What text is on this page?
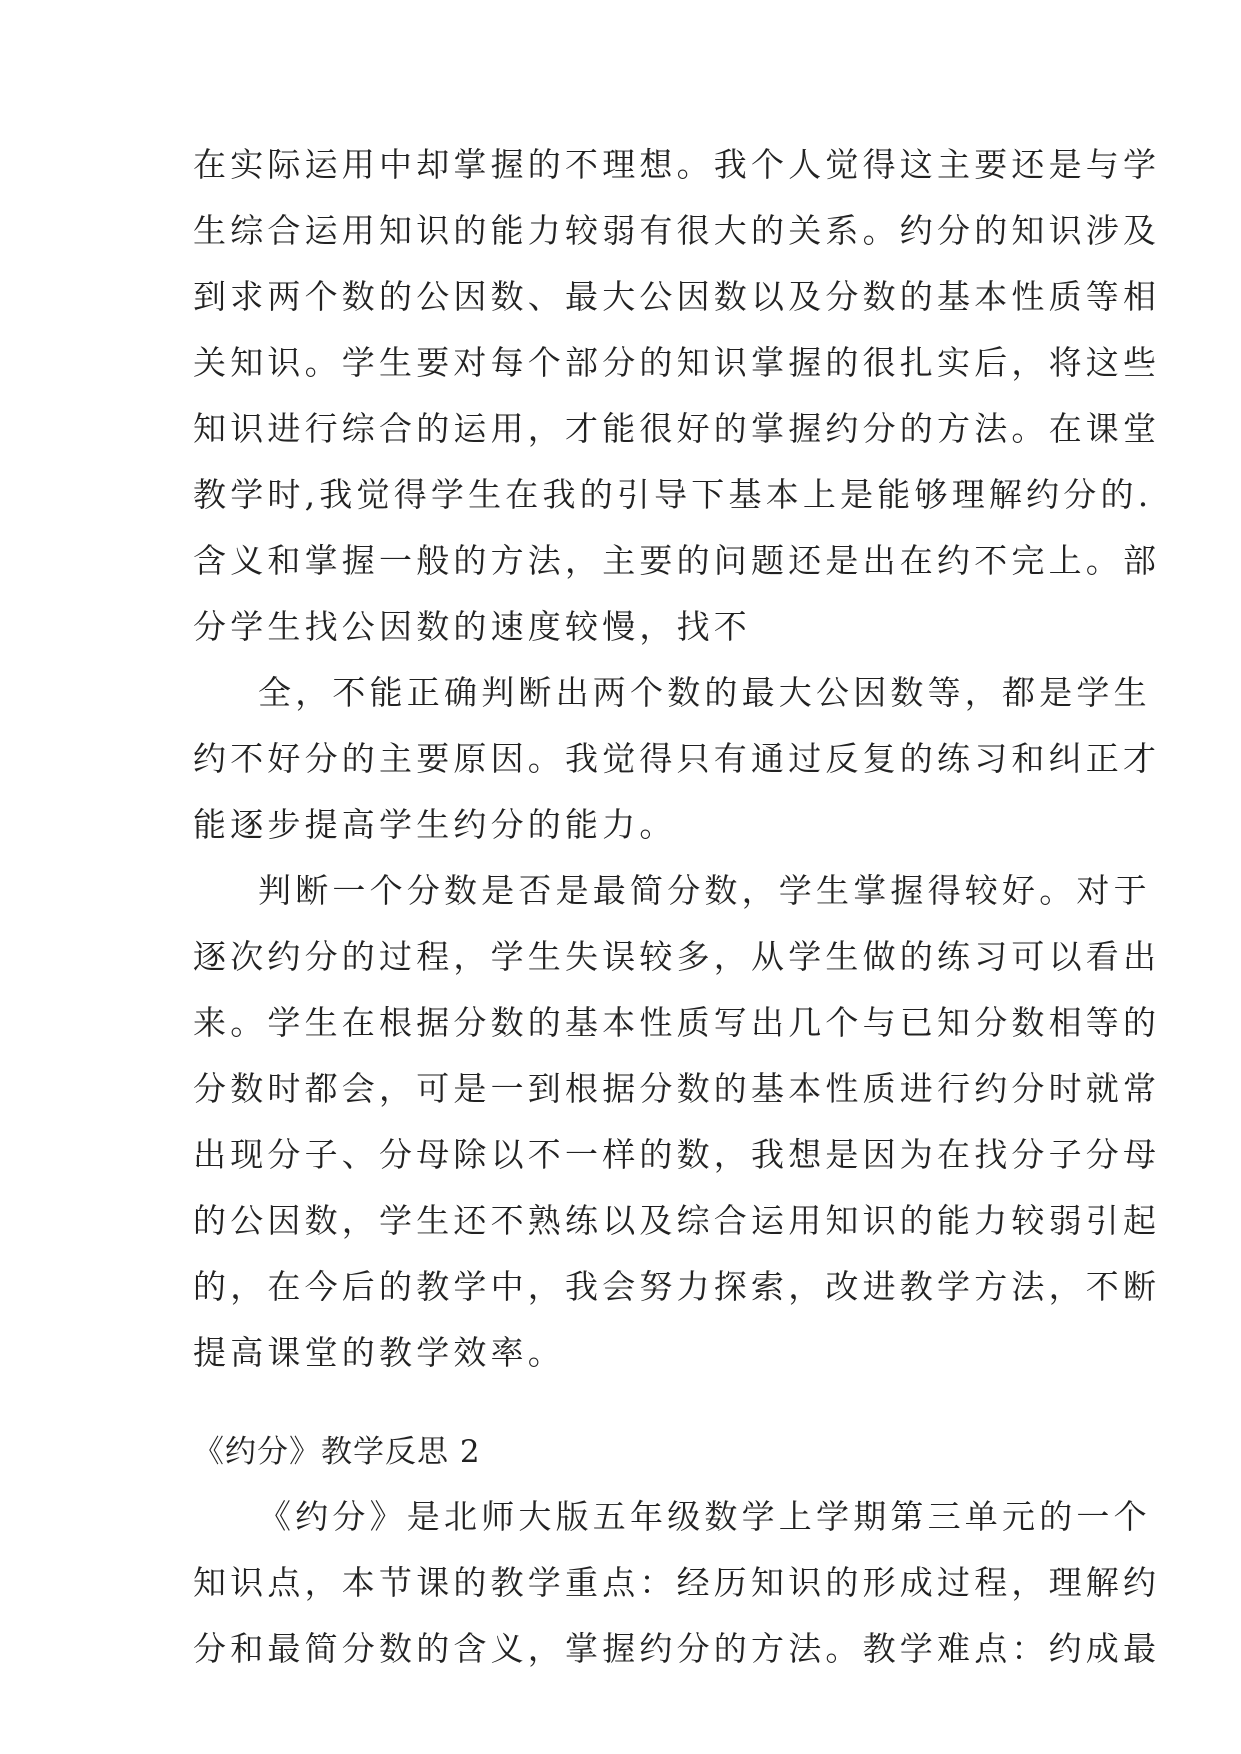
在实际运用中却掌握的不理想。我个人觉得这主要还是与学

生综合运用知识的能力较弱有很大的关系。约分的知识涉及

到求两个数的公因数、最大公因数以及分数的基本性质等相

关知识。学生要对每个部分的知识掌握的很扎实后，将这些

知识进行综合的运用，才能很好的掌握约分的方法。在课堂

教学时,我觉得学生在我的引导下基本上是能够理解约分的.

含义和掌握一般的方法，主要的问题还是出在约不完上。部

分学生找公因数的速度较慢，找不

全，不能正确判断出两个数的最大公因数等，都是学生

约不好分的主要原因。我觉得只有通过反复的练习和纠正才

能逐步提高学生约分的能力。

判断一个分数是否是最简分数，学生掌握得较好。对于

逐次约分的过程，学生失误较多，从学生做的练习可以看出

来。学生在根据分数的基本性质写出几个与已知分数相等的

分数时都会，可是一到根据分数的基本性质进行约分时就常

出现分子、分母除以不一样的数，我想是因为在找分子分母

的公因数，学生还不熟练以及综合运用知识的能力较弱引起

的，在今后的教学中，我会努力探索，改进教学方法，不断

提高课堂的教学效率。

《约分》教学反思 2

《约分》是北师大版五年级数学上学期第三单元的一个

知识点，本节课的教学重点：经历知识的形成过程，理解约

分和最简分数的含义，掌握约分的方法。教学难点：约成最
